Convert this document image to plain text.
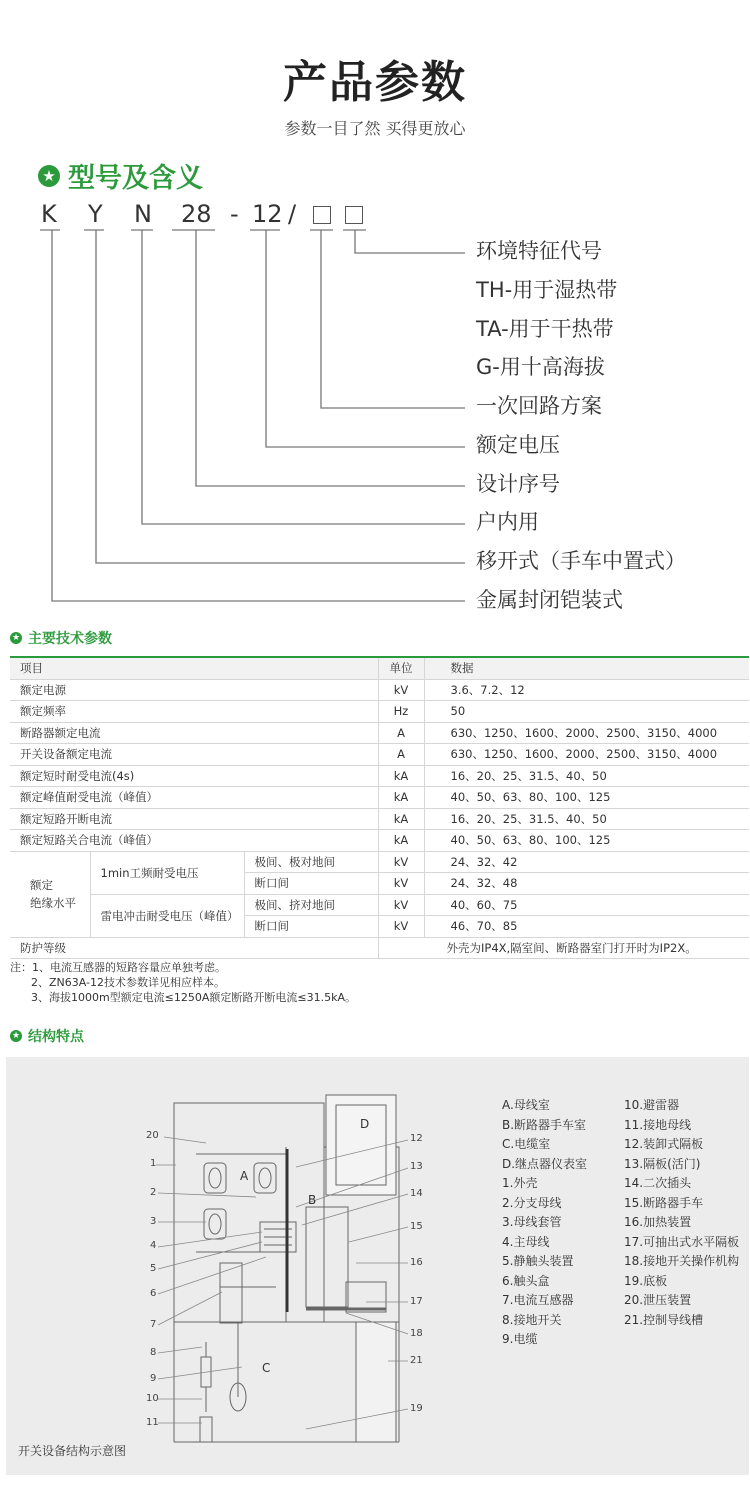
产品参数
参数一目了然 买得更放心
★ 型号及含义
K Y N 28 - 12 /
环境特征代号
TH-用于湿热带
TA-用于干热带
G-用十高海拔
一次回路方案
额定电压
设计序号
户内用
移开式（手车中置式）
金属封闭铠装式
★ 主要技术参数
项目			单位	数据
额定电源			kV	3.6、7.2、12
额定频率			Hz	50
断路器额定电流			A	630、1250、1600、2000、2500、3150、4000
开关设备额定电流			A	630、1250、1600、2000、2500、3150、4000
额定短时耐受电流(4s)			kA	16、20、25、31.5、40、50
额定峰值耐受电流（峰值）			kA	40、50、63、80、100、125
额定短路开断电流			kA	16、20、25、31.5、40、50
额定短路关合电流（峰值）			kA	40、50、63、80、100、125

额定
绝缘水平	1min工频耐受电压	极间、极对地间	kV	24、32、42
		断口间	kV	24、32、48
	雷电冲击耐受电压（峰值）	极间、挤对地间	kV	40、60、75
		断口间	kV	46、70、85
防护等级			外壳为IP4X,隔室间、断路器室门打开时为IP2X。	
注：1、电流互感器的短路容量应单独考虑。
2、ZN63A-12技术参数详见相应样本。
3、海拔1000m型额定电流≤1250A额定断路开断电流≤31.5kA。
★ 结构特点
A
B
C
D
20
1
2
3
4
5
6
7
8
9
10
11
12
13
14
15
16
17
18
21
19
A.母线室
B.断路器手车室
C.电缆室
D.继点器仪表室
1.外壳
2.分支母线
3.母线套管
4.主母线
5.静触头装置
6.触头盒
7.电流互感器
8.接地开关
9.电缆
10.避雷器
11.接地母线
12.装卸式隔板
13.隔板(活门)
14.二次插头
15.断路器手车
16.加热装置
17.可抽出式水平隔板
18.接地开关操作机构
19.底板
20.泄压装置
21.控制导线槽
开关设备结构示意图
